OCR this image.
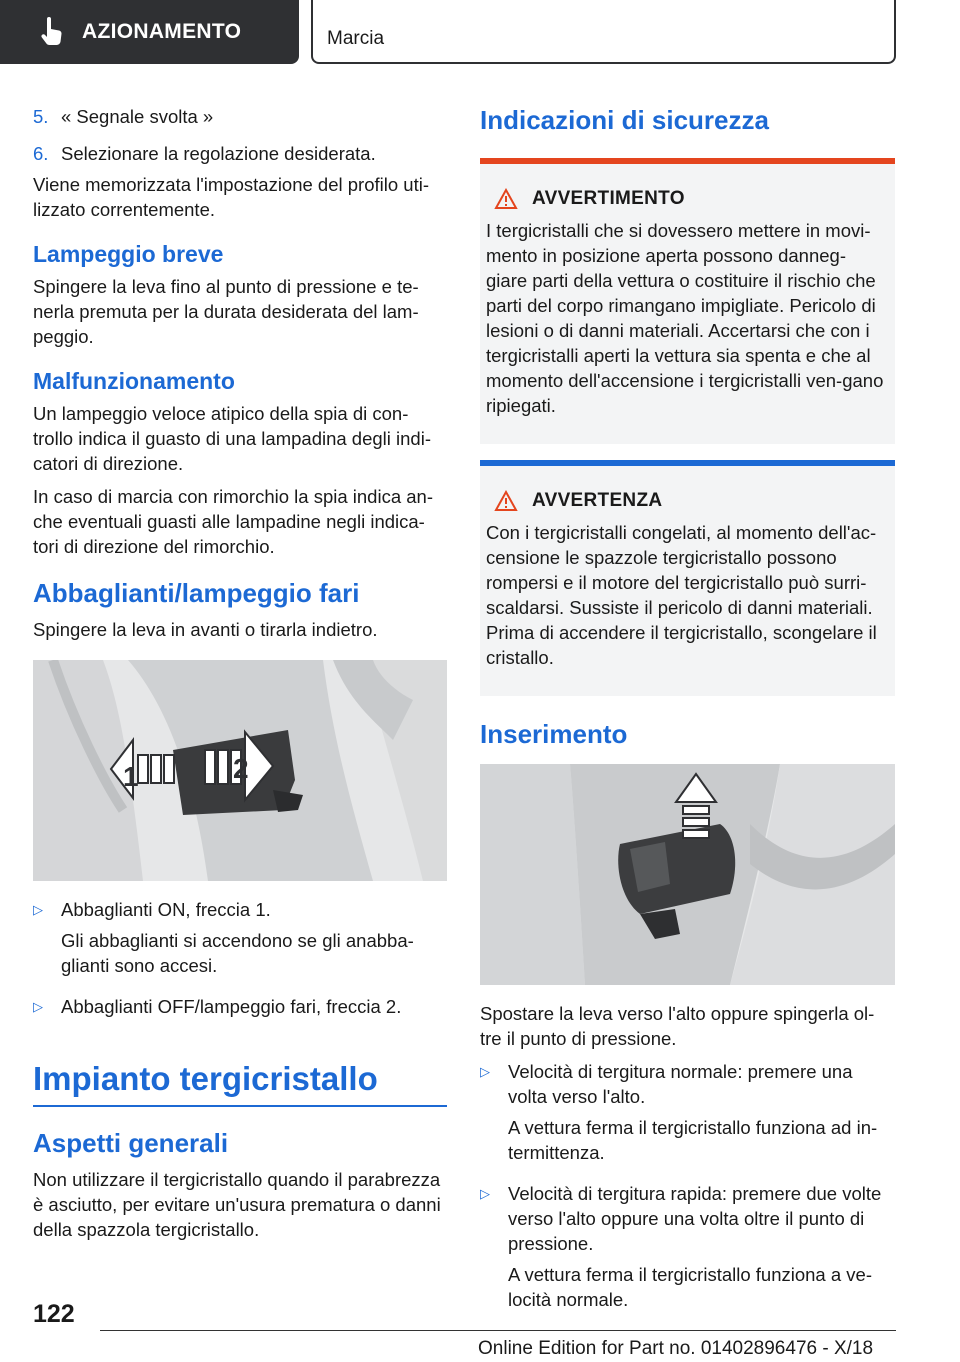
AZIONAMENTO	Marcia
5. « Segnale svolta »
6. Selezionare la regolazione desiderata.

Viene memorizzata l'impostazione del profilo uti-lizzato correntemente.

Lampeggio breve

Spingere la leva fino al punto di pressione e te-nerla premuta per la durata desiderata del lam-peggio.

Malfunzionamento

Un lampeggio veloce atipico della spia di con-trollo indica il guasto di una lampadina degli indi-catori di direzione.

In caso di marcia con rimorchio la spia indica an-che eventuali guasti alle lampadine negli indica-tori di direzione del rimorchio.

Abbaglianti/lampeggio fari

Spingere la leva in avanti o tirarla indietro.

1	2
▷ Abbaglianti ON, freccia 1.

Gli abbaglianti si accendono se gli anabba-glianti sono accesi.

▷ Abbaglianti OFF/lampeggio fari, freccia 2.

Impianto tergicristallo
Aspetti generali

Non utilizzare il tergicristallo quando il parabrezza è asciutto, per evitare un'usura prematura o danni della spazzola tergicristallo.

Indicazioni di sicurezza
AVVERTIMENTO

I tergicristalli che si dovessero mettere in movi-mento in posizione aperta possono danneg-giare parti della vettura o costituire il rischio che parti del corpo rimangano impigliate. Pericolo di lesioni o di danni materiali. Accertarsi che con i tergicristalli aperti la vettura sia spenta e che al momento dell'accensione i tergicristalli ven-gano ripiegati.

AVVERTENZA

Con i tergicristalli congelati, al momento dell'ac-censione le spazzole tergicristallo possono rompersi e il motore del tergicristallo può surri-scaldarsi. Sussiste il pericolo di danni materiali. Prima di accendere il tergicristallo, scongelare il cristallo.

Inserimento

Spostare la leva verso l'alto oppure spingerla ol-tre il punto di pressione.

▷ Velocità di tergitura normale: premere una volta verso l'alto.

A vettura ferma il tergicristallo funziona ad in-termittenza.

▷ Velocità di tergitura rapida: premere due volte verso l'alto oppure una volta oltre il punto di pressione.

A vettura ferma il tergicristallo funziona a ve-locità normale.

122
Online Edition for Part no. 01402896476 - X/18
